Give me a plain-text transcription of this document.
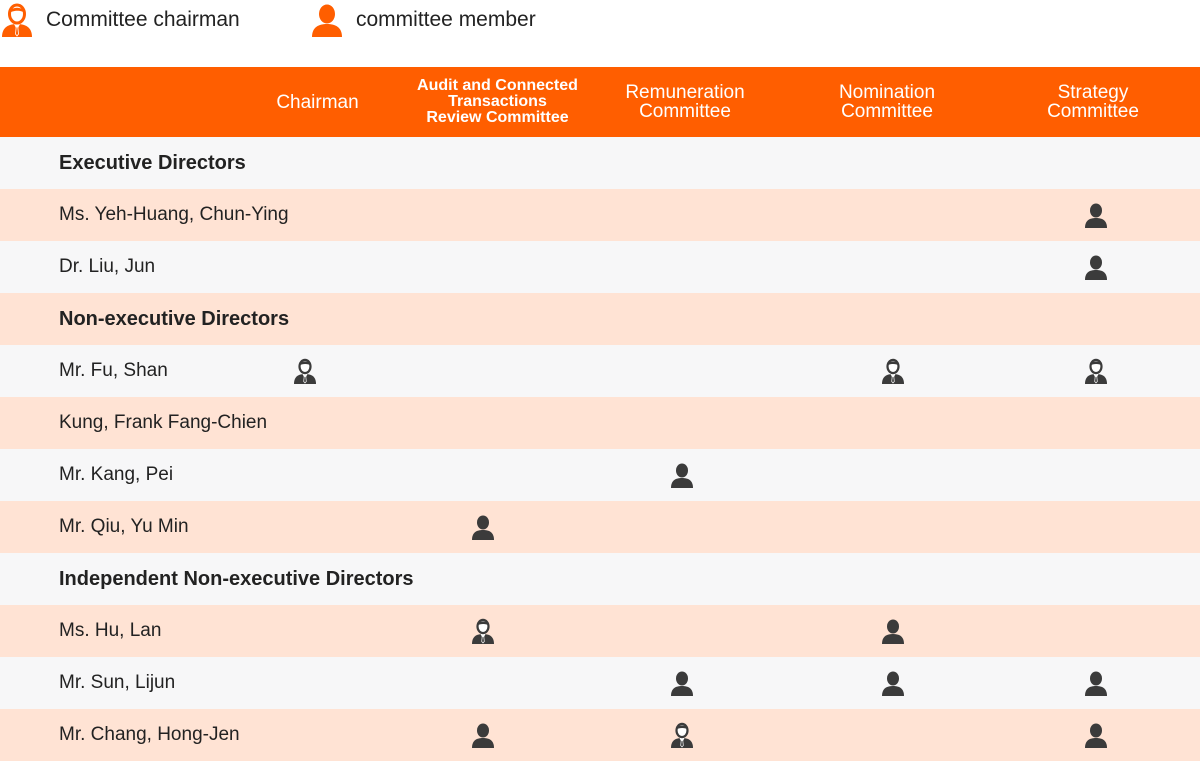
Committee chairman	committee member
Chairman
Audit and Connected
Transactions
Review Committee
Remuneration
Committee
Nomination
Committee
Strategy
Committee
Executive Directors
Ms. Yeh-Huang, Chun-Ying
Dr. Liu, Jun
Non-executive Directors
Mr. Fu, Shan
Kung, Frank Fang-Chien
Mr. Kang, Pei
Mr. Qiu, Yu Min
Independent Non-executive Directors
Ms. Hu, Lan
Mr. Sun, Lijun
Mr. Chang, Hong-Jen
